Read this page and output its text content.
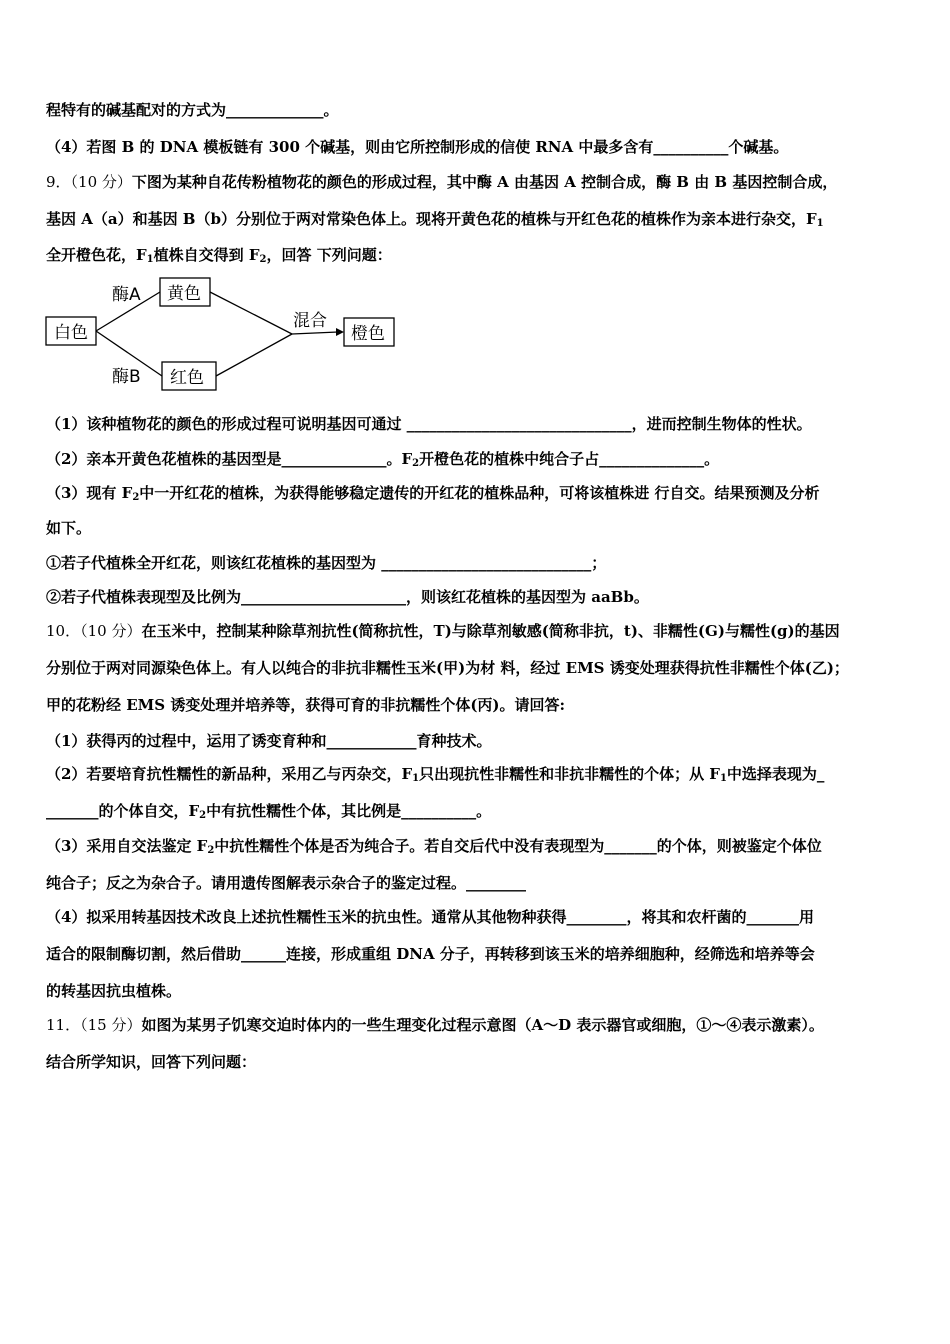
程特有的碱基配对的方式为_____________。
（4）若图 B 的 DNA 模板链有 300 个碱基，则由它所控制形成的信使 RNA 中最多含有__________个碱基。
9．（10 分）下图为某种自花传粉植物花的颜色的形成过程，其中酶 A 由基因 A 控制合成，酶 B 由 B 基因控制合成，
基因 A（a）和基因 B（b）分别位于两对常染色体上。现将开黄色花的植株与开红色花的植株作为亲本进行杂交，$F_1$
全开橙色花，$F_1$植株自交得到 $F_2$，回答 下列问题：
白色
黄色
红色
橙色
酶A
酶B
混合
（1）该种植物花的颜色的形成过程可说明基因可通过 ______________________________，进而控制生物体的性状。
（2）亲本开黄色花植株的基因型是______________。$F_2$开橙色花的植株中纯合子占______________。
（3）现有 $F_2$中一开红花的植株，为获得能够稳定遗传的开红花的植株品种，可将该植株进 行自交。结果预测及分析
如下。
①若子代植株全开红花，则该红花植株的基因型为 ____________________________；
②若子代植株表现型及比例为______________________，则该红花植株的基因型为 aaBb。
10．（10 分）在玉米中，控制某种除草剂抗性(简称抗性，T)与除草剂敏感(简称非抗，t)、非糯性(G)与糯性(g)的基因
分别位于两对同源染色体上。有人以纯合的非抗非糯性玉米(甲)为材 料，经过 EMS 诱变处理获得抗性非糯性个体(乙)；
甲的花粉经 EMS 诱变处理并培养等，获得可育的非抗糯性个体(丙)。请回答:
（1）获得丙的过程中，运用了诱变育种和____________育种技术。
（2）若要培育抗性糯性的新品种，采用乙与丙杂交，$F_1$只出现抗性非糯性和非抗非糯性的个体；从 $F_1$中选择表现为_
_______的个体自交，$F_2$中有抗性糯性个体，其比例是__________。
（3）采用自交法鉴定 $F_2$中抗性糯性个体是否为纯合子。若自交后代中没有表现型为_______的个体，则被鉴定个体位
纯合子；反之为杂合子。请用遗传图解表示杂合子的鉴定过程。________
（4）拟采用转基因技术改良上述抗性糯性玉米的抗虫性。通常从其他物种获得________，将其和农杆菌的_______用
适合的限制酶切割，然后借助______连接，形成重组 DNA 分子，再转移到该玉米的培养细胞种，经筛选和培养等会
的转基因抗虫植株。
11．（15 分）如图为某男子饥寒交迫时体内的一些生理变化过程示意图（A～D 表示器官或细胞，①～④表示激素）。
结合所学知识，回答下列问题：
